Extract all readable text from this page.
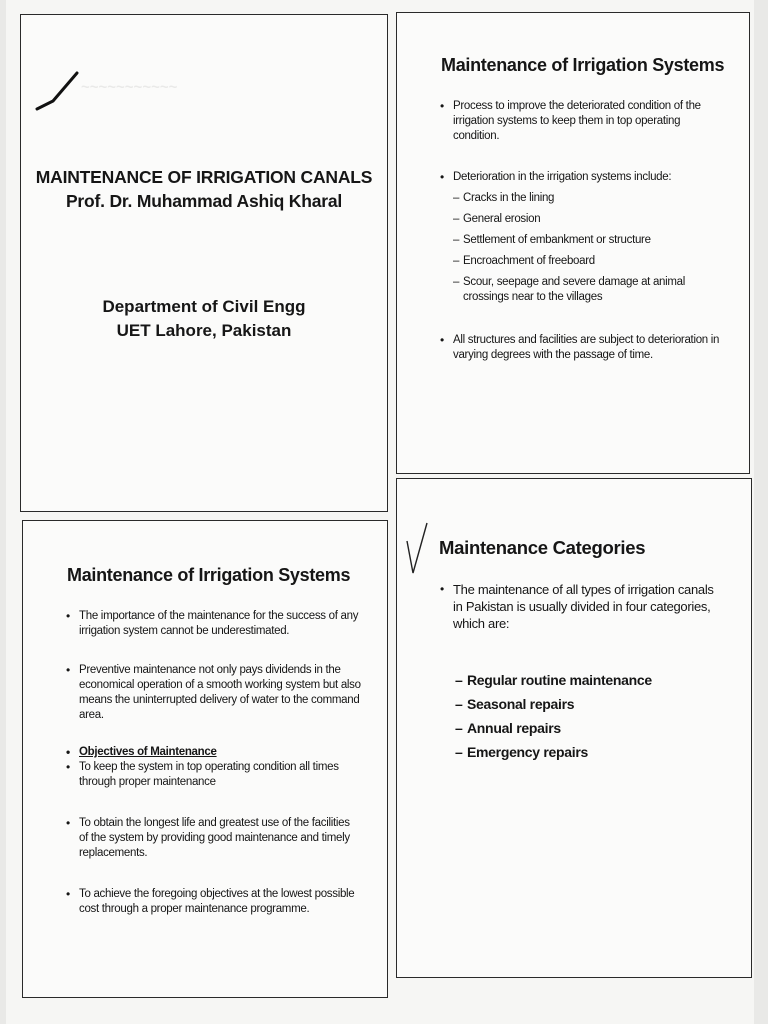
~~~~~~~~~~~
MAINTENANCE OF IRRIGATION CANALS
Prof. Dr. Muhammad Ashiq Kharal
Department of Civil Engg
UET Lahore, Pakistan
Maintenance of Irrigation Systems
• Process to improve the deteriorated condition of the irrigation systems to keep them in top operating condition.
• Deterioration in the irrigation systems include:
– Cracks in the lining
– General erosion
– Settlement of embankment or structure
– Encroachment of freeboard
– Scour, seepage and severe damage at animal crossings near to the villages
• All structures and facilities are subject to deterioration in varying degrees with the passage of time.
Maintenance of Irrigation Systems
• The importance of the maintenance for the success of any irrigation system cannot be underestimated.
• Preventive maintenance not only pays dividends in the economical operation of a smooth working system but also means the uninterrupted delivery of water to the command area.
• Objectives of Maintenance
• To keep the system in top operating condition all times through proper maintenance
• To obtain the longest life and greatest use of the facilities of the system by providing good maintenance and timely replacements.
• To achieve the foregoing objectives at the lowest possible cost through a proper maintenance programme.
Maintenance Categories
• The maintenance of all types of irrigation canals in Pakistan is usually divided in four categories, which are:
– Regular routine maintenance
– Seasonal repairs
– Annual repairs
– Emergency repairs
